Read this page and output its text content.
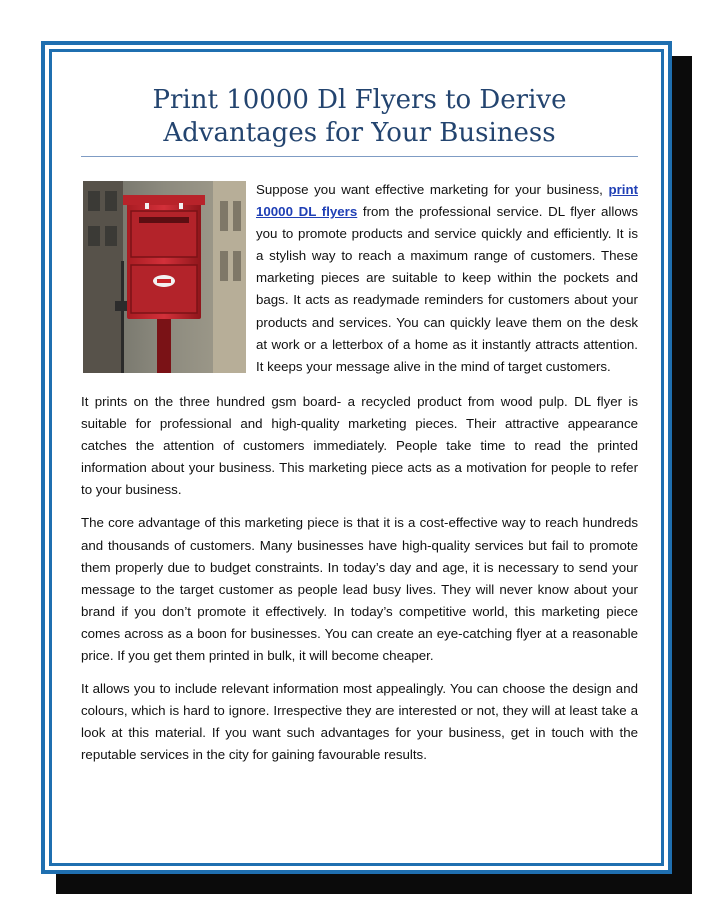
Print 10000 Dl Flyers to Derive Advantages for Your Business

Suppose you want effective marketing for your business, print 10000 DL flyers from the professional service. DL flyer allows you to promote products and service quickly and efficiently. It is a stylish way to reach a maximum range of customers. These marketing pieces are suitable to keep within the pockets and bags. It acts as readymade reminders for customers about your products and services. You can quickly leave them on the desk at work or a letterbox of a home as it instantly attracts attention. It keeps your message alive in the mind of target customers.

It prints on the three hundred gsm board- a recycled product from wood pulp. DL flyer is suitable for professional and high-quality marketing pieces. Their attractive appearance catches the attention of customers immediately. People take time to read the printed information about your business. This marketing piece acts as a motivation for people to refer to your business.

The core advantage of this marketing piece is that it is a cost-effective way to reach hundreds and thousands of customers. Many businesses have high-quality services but fail to promote them properly due to budget constraints. In today’s day and age, it is necessary to send your message to the target customer as people lead busy lives. They will never know about your brand if you don’t promote it effectively. In today’s competitive world, this marketing piece comes across as a boon for businesses. You can create an eye-catching flyer at a reasonable price. If you get them printed in bulk, it will become cheaper.

It allows you to include relevant information most appealingly. You can choose the design and colours, which is hard to ignore. Irrespective they are interested or not, they will at least take a look at this material. If you want such advantages for your business, get in touch with the reputable services in the city for gaining favourable results.
